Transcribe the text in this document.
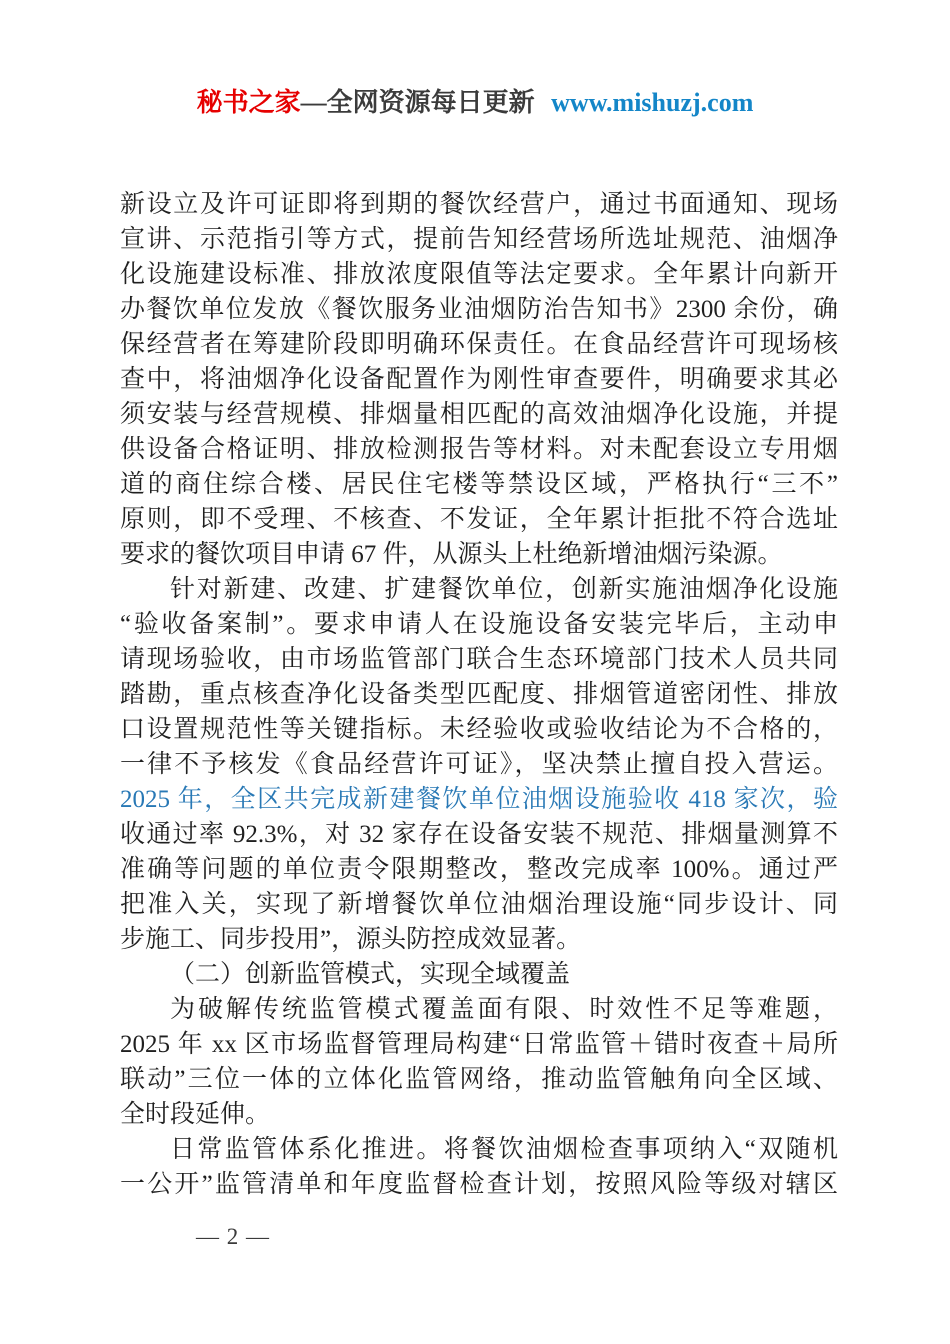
秘书之家—全网资源每日更新 www.mishuzj.com
新设立及许可证即将到期的餐饮经营户，通过书面通知、现场
宣讲、示范指引等方式，提前告知经营场所选址规范、油烟净
化设施建设标准、排放浓度限值等法定要求。全年累计向新开
办餐饮单位发放《餐饮服务业油烟防治告知书》2300 余份，确
保经营者在筹建阶段即明确环保责任。在食品经营许可现场核
查中，将油烟净化设备配置作为刚性审查要件，明确要求其必
须安装与经营规模、排烟量相匹配的高效油烟净化设施，并提
供设备合格证明、排放检测报告等材料。对未配套设立专用烟
道的商住综合楼、居民住宅楼等禁设区域，严格执行“三不”
原则，即不受理、不核查、不发证，全年累计拒批不符合选址
要求的餐饮项目申请 67 件，从源头上杜绝新增油烟污染源。
针对新建、改建、扩建餐饮单位，创新实施油烟净化设施
“验收备案制”。要求申请人在设施设备安装完毕后，主动申
请现场验收，由市场监管部门联合生态环境部门技术人员共同
踏勘，重点核查净化设备类型匹配度、排烟管道密闭性、排放
口设置规范性等关键指标。未经验收或验收结论为不合格的，
一律不予核发《食品经营许可证》，坚决禁止擅自投入营运。
2025 年，全区共完成新建餐饮单位油烟设施验收 418 家次，验
收通过率 92.3%，对 32 家存在设备安装不规范、排烟量测算不
准确等问题的单位责令限期整改，整改完成率 100%。通过严
把准入关，实现了新增餐饮单位油烟治理设施“同步设计、同
步施工、同步投用”，源头防控成效显著。
（二）创新监管模式，实现全域覆盖
为破解传统监管模式覆盖面有限、时效性不足等难题，
2025 年 xx 区市场监督管理局构建“日常监管＋错时夜查＋局所
联动”三位一体的立体化监管网络，推动监管触角向全区域、
全时段延伸。
日常监管体系化推进。将餐饮油烟检查事项纳入“双随机
一公开”监管清单和年度监督检查计划，按照风险等级对辖区
— 2 —
